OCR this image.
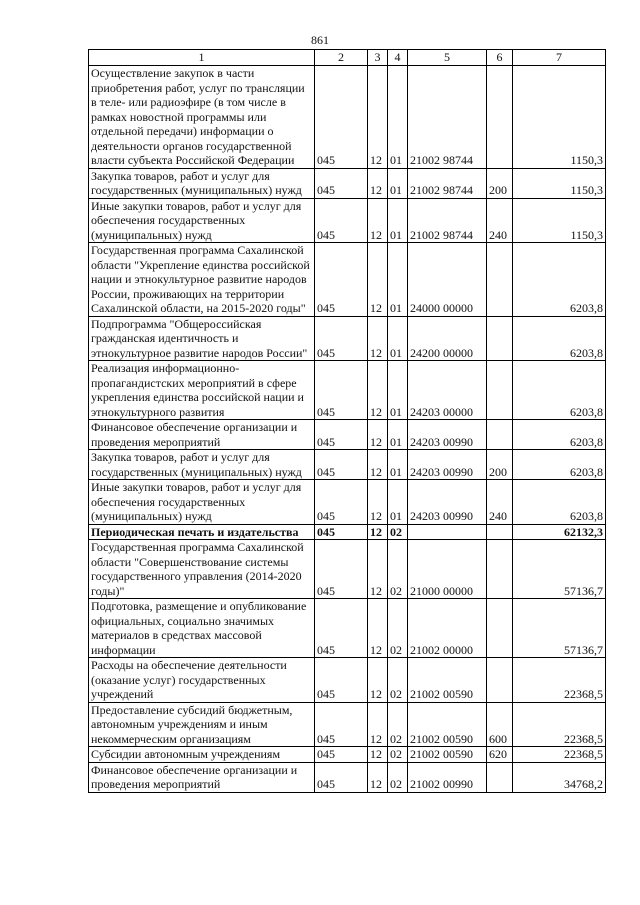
861
1	2	3	4	5	6	7

Осуществление закупок в части приобретения работ, услуг по трансляции в теле- или радиоэфире (в том числе в рамках новостной программы или отдельной передачи) информации о деятельности органов государственной власти субъекта Российской Федерации	045	12	01	21002 98744		1150,3

Закупка товаров, работ и услуг для государственных (муниципальных) нужд	045	12	01	21002 98744	200	1150,3

Иные закупки товаров, работ и услуг для обеспечения государственных (муниципальных) нужд	045	12	01	21002 98744	240	1150,3

Государственная программа Сахалинской области "Укрепление единства российской нации и этнокультурное развитие народов России, проживающих на территории Сахалинской области, на 2015-2020 годы"	045	12	01	24000 00000		6203,8

Подпрограмма "Общероссийская гражданская идентичность и этнокультурное развитие народов России"	045	12	01	24200 00000		6203,8

Реализация информационно-пропагандистских мероприятий в сфере укрепления единства российской нации и этнокультурного развития	045	12	01	24203 00000		6203,8

Финансовое обеспечение организации и проведения мероприятий	045	12	01	24203 00990		6203,8

Закупка товаров, работ и услуг для государственных (муниципальных) нужд	045	12	01	24203 00990	200	6203,8

Иные закупки товаров, работ и услуг для обеспечения государственных (муниципальных) нужд	045	12	01	24203 00990	240	6203,8

Периодическая печать и издательства	045	12	02			62132,3

Государственная программа Сахалинской области "Совершенствование системы государственного управления (2014-2020 годы)"	045	12	02	21000 00000		57136,7

Подготовка, размещение и опубликование официальных, социально значимых материалов в средствах массовой информации	045	12	02	21002 00000		57136,7

Расходы на обеспечение деятельности (оказание услуг) государственных учреждений	045	12	02	21002 00590		22368,5

Предоставление субсидий бюджетным, автономным учреждениям и иным некоммерческим организациям	045	12	02	21002 00590	600	22368,5

Субсидии автономным учреждениям	045	12	02	21002 00590	620	22368,5

Финансовое обеспечение организации и проведения мероприятий	045	12	02	21002 00990		34768,2
